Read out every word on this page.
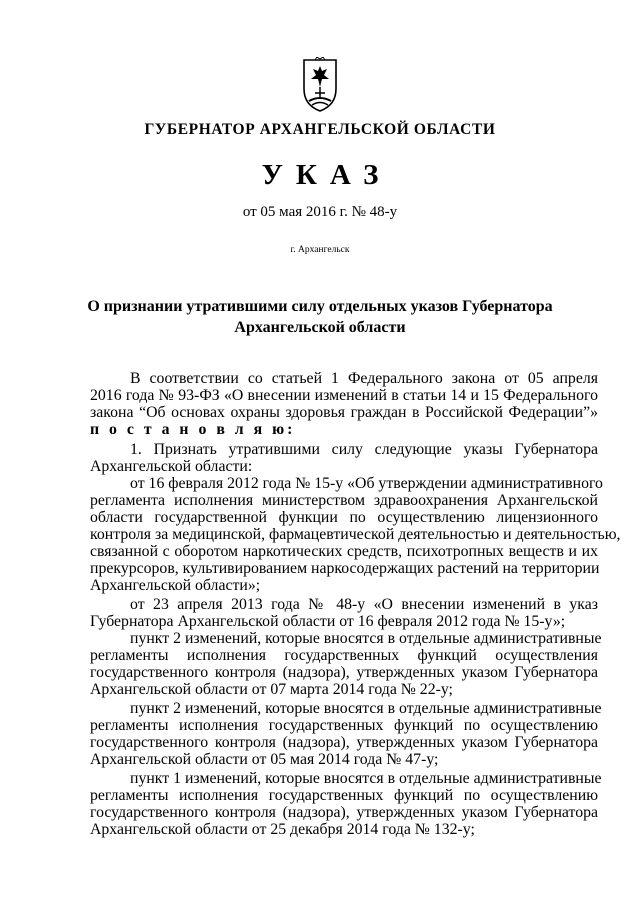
ГУБЕРНАТОР АРХАНГЕЛЬСКОЙ ОБЛАСТИ
УКАЗ
от 05 мая 2016 г. № 48-у
г. Архангельск
О признании утратившими силу отдельных указов Губернатора
Архангельской области
В соответствии со статьей 1 Федерального закона от 05 апреля
2016 года № 93-ФЗ «О внесении изменений в статьи 14 и 15 Федерального
закона “Об основах охраны здоровья граждан в Российской Федерации”»
п о с т а н о в л я ю:
1. Признать утратившими силу следующие указы Губернатора
Архангельской области:
от 16 февраля 2012 года № 15-у «Об утверждении административного
регламента исполнения министерством здравоохранения Архангельской
области государственной функции по осуществлению лицензионного
контроля за медицинской, фармацевтической деятельностью и деятельностью,
связанной с оборотом наркотических средств, психотропных веществ и их
прекурсоров, культивированием наркосодержащих растений на территории
Архангельской области»;
от 23 апреля 2013 года № 48-у «О внесении изменений в указ
Губернатора Архангельской области от 16 февраля 2012 года № 15-у»;
пункт 2 изменений, которые вносятся в отдельные административные
регламенты исполнения государственных функций осуществления
государственного контроля (надзора), утвержденных указом Губернатора
Архангельской области от 07 марта 2014 года № 22-у;
пункт 2 изменений, которые вносятся в отдельные административные
регламенты исполнения государственных функций по осуществлению
государственного контроля (надзора), утвержденных указом Губернатора
Архангельской области от 05 мая 2014 года № 47-у;
пункт 1 изменений, которые вносятся в отдельные административные
регламенты исполнения государственных функций по осуществлению
государственного контроля (надзора), утвержденных указом Губернатора
Архангельской области от 25 декабря 2014 года № 132-у;
